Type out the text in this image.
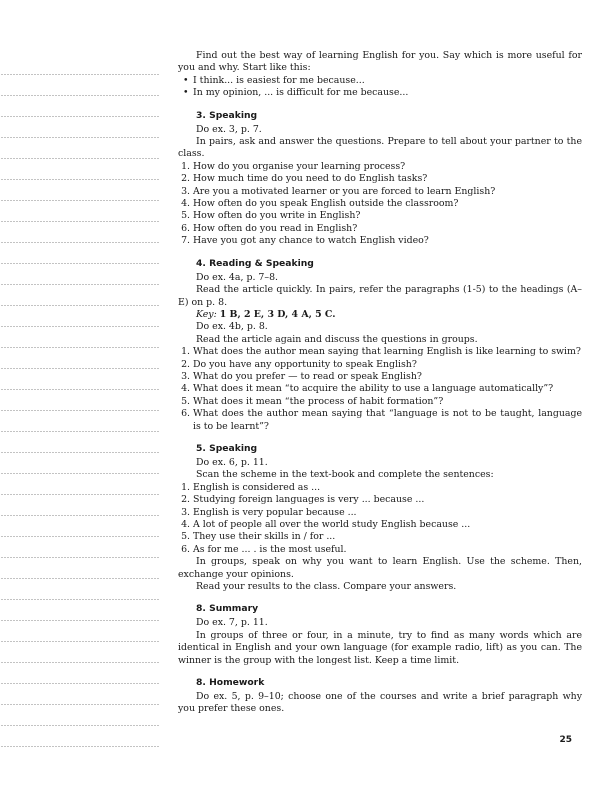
Find out the best way of learning English for you. Say which is more useful for you and why. Start like this:

• I think... is easiest for me because...
• In my opinion, ... is difficult for me because...
3. Speaking

Do ex. 3, p. 7.

In pairs, ask and answer the questions. Prepare to tell about your partner to the class.

1. How do you organise your learning process?
2. How much time do you need to do English tasks?
3. Are you a motivated learner or you are forced to learn English?
4. How often do you speak English outside the classroom?
5. How often do you write in English?
6. How often do you read in English?
7. Have you got any chance to watch English video?
4. Reading & Speaking

Do ex. 4a, p. 7–8.

Read the article quickly. In pairs, refer the paragraphs (1-5) to the headings (A–E) on p. 8.

Key: 1 B, 2 E, 3 D, 4 A, 5 C.

Do ex. 4b, p. 8.

Read the article again and discuss the questions in groups.

1. What does the author mean saying that learning English is like learning to swim?
2. Do you have any opportunity to speak English?
3. What do you prefer — to read or speak English?
4. What does it mean “to acquire the ability to use a language automatically”?
5. What does it mean “the process of habit formation”?
6. What does the author mean saying that “language is not to be taught, language is to be learnt”?
5. Speaking

Do ex. 6, p. 11.

Scan the scheme in the text-book and complete the sentences:

1. English is considered as ...
2. Studying foreign languages is very ... because ...
3. English is very popular because ...
4. A lot of people all over the world study English because ...
5. They use their skills in / for ...
6. As for me ... . is the most useful.

In groups, speak on why you want to learn English. Use the scheme. Then, exchange your opinions.

Read your results to the class. Compare your answers.

8. Summary

Do ex. 7, p. 11.

In groups of three or four, in a minute, try to find as many words which are identical in English and your own language (for example radio, lift) as you can. The winner is the group with the longest list. Keep a time limit.

8. Homework

Do ex. 5, p. 9–10; choose one of the courses and write a brief paragraph why you prefer these ones.

25
